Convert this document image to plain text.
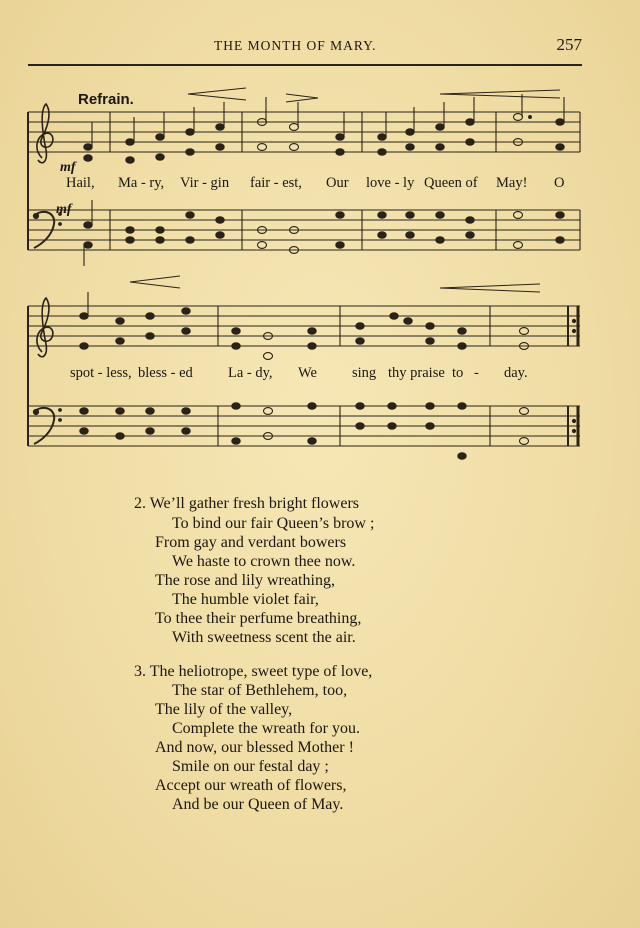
THE MONTH OF MARY.	257
Refrain.
mf
mf
Hail, Ma - ry, Vir - gin fair - est, Our love - ly Queen of May! O
spot - less, bless - ed La - dy, We sing thy praise to - day.
2. We’ll gather fresh bright flowers
To bind our fair Queen’s brow ;
From gay and verdant bowers
We haste to crown thee now.
The rose and lily wreathing,
The humble violet fair,
To thee their perfume breathing,
With sweetness scent the air.
3. The heliotrope, sweet type of love,
The star of Bethlehem, too,
The lily of the valley,
Complete the wreath for you.
And now, our blessed Mother !
Smile on our festal day ;
Accept our wreath of flowers,
And be our Queen of May.
